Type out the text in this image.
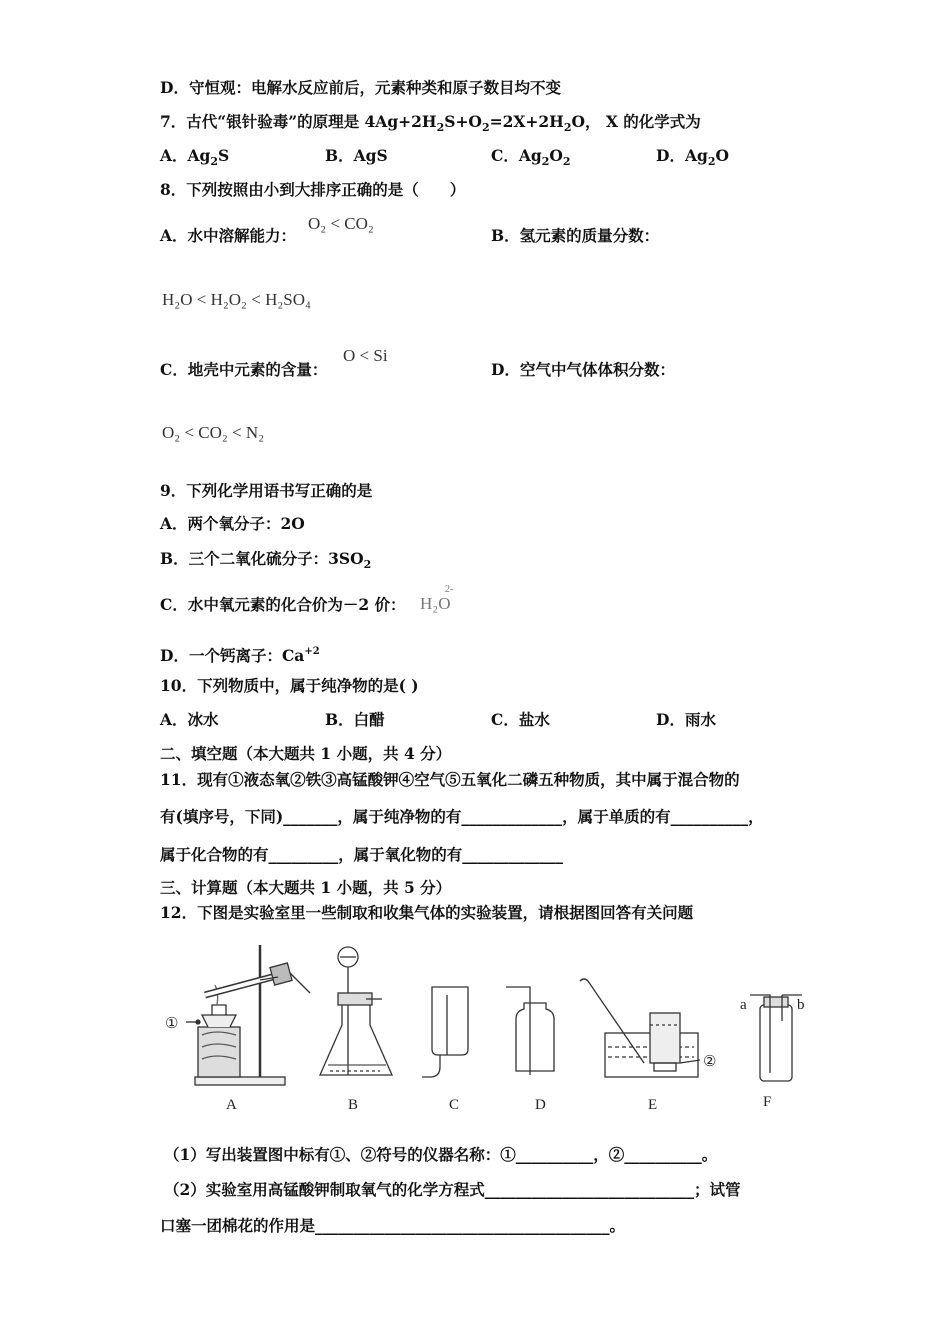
D．守恒观：电解水反应前后，元素种类和原子数目均不变
7．古代“银针验毒”的原理是 $4Ag+2H_2S+O_2=2X+2H_2O$， X 的化学式为
A．$Ag_2S$	B．AgS	C．$Ag_2O_2$	D．$Ag_2O$
8．下列按照由小到大排序正确的是（　　）
A．水中溶解能力：
O₂ < CO₂
B．氢元素的质量分数：
H₂O < H₂O₂ < H₂SO₄
C．地壳中元素的含量：
O < Si
D．空气中气体体积分数：
O₂ < CO₂ < N₂
9．下列化学用语书写正确的是
A．两个氧分子：2O
B．三个二氧化硫分子：$3SO_2$
C．水中氧元素的化合价为－2 价： H₂O
2-
D．一个钙离子：$Ca^{+2}$
10．下列物质中，属于纯净物的是( )
A．冰水	B．白醋	C．盐水	D．雨水
二、填空题（本大题共 1 小题，共 4 分）
11．现有①液态氧②铁③高锰酸钾④空气⑤五氧化二磷五种物质，其中属于混合物的
有(填序号，下同)_______，属于纯净物的有_____________，属于单质的有__________，
属于化合物的有_________，属于氧化物的有_____________
三、计算题（本大题共 1 小题，共 5 分）
12．下图是实验室里一些制取和收集气体的实验装置，请根据图回答有关问题
①
②
a	b
A	B	C	D	E	F
（1）写出装置图中标有①、②符号的仪器名称：①__________，②__________。
（2）实验室用高锰酸钾制取氧气的化学方程式___________________________；试管
口塞一团棉花的作用是______________________________________。
